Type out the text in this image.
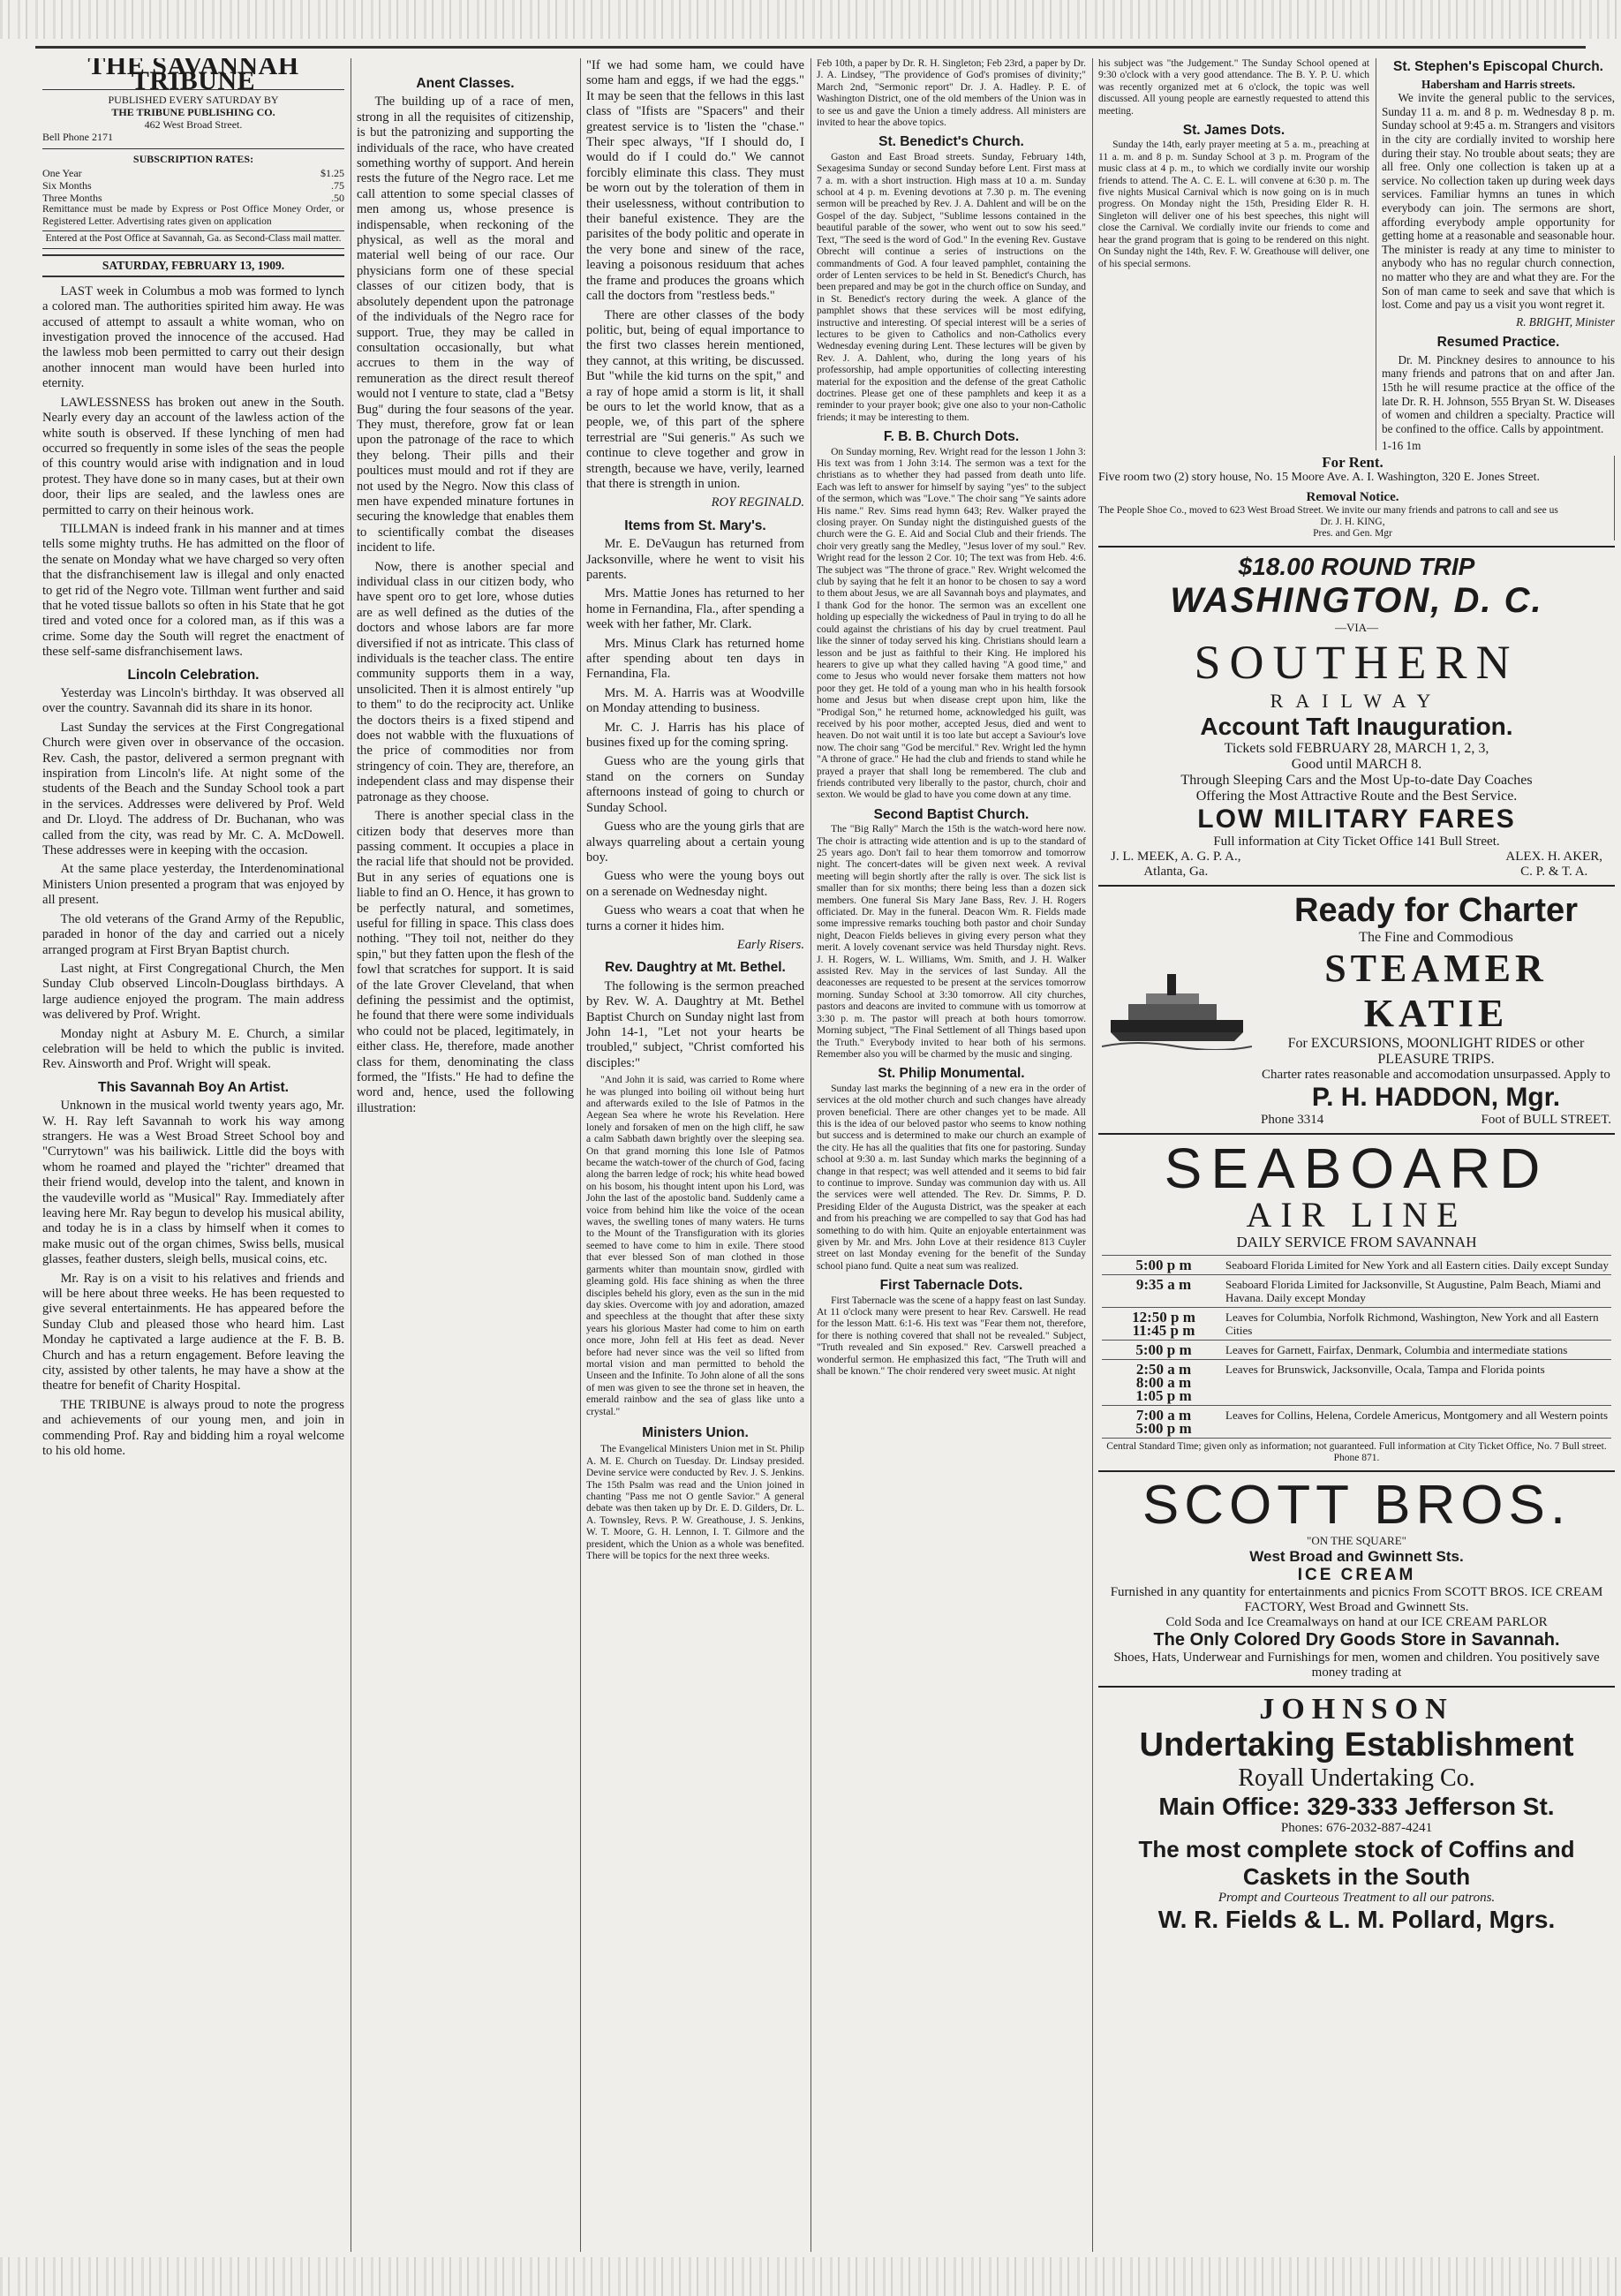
THE SAVANNAH TRIBUNE
PUBLISHED EVERY SATURDAY BY
THE TRIBUNE PUBLISHING CO.
462 West Broad Street.
Bell Phone 2171
SUBSCRIPTION RATES:
One Year	$1.25
Six Months	.75
Three Months	.50
Remittance must be made by Express or Post Office Money Order, or Registered Letter. Advertising rates given on application
Entered at the Post Office at Savannah, Ga. as Second-Class mail matter.
SATURDAY, FEBRUARY 13, 1909.

LAST week in Columbus a mob was formed to lynch a colored man. The authorities spirited him away. He was accused of attempt to assault a white woman, who on investigation proved the innocence of the accused. Had the lawless mob been permitted to carry out their design another innocent man would have been hurled into eternity.

LAWLESSNESS has broken out anew in the South. Nearly every day an account of the lawless action of the white south is observed. If these lynching of men had occurred so frequently in some isles of the seas the people of this country would arise with indignation and in loud protest. They have done so in many cases, but at their own door, their lips are sealed, and the lawless ones are permitted to carry on their heinous work.

TILLMAN is indeed frank in his manner and at times tells some mighty truths. He has admitted on the floor of the senate on Monday what we have charged so very often that the disfranchisement law is illegal and only enacted to get rid of the Negro vote. Tillman went further and said that he voted tissue ballots so often in his State that he got tired and voted once for a colored man, as if this was a crime. Some day the South will regret the enactment of these self-same disfranchisement laws.

Lincoln Celebration.

Yesterday was Lincoln's birthday. It was observed all over the country. Savannah did its share in its honor.

Last Sunday the services at the First Congregational Church were given over in observance of the occasion. Rev. Cash, the pastor, delivered a sermon pregnant with inspiration from Lincoln's life. At night some of the students of the Beach and the Sunday School took a part in the services. Addresses were delivered by Prof. Weld and Dr. Lloyd. The address of Dr. Buchanan, who was called from the city, was read by Mr. C. A. McDowell. These addresses were in keeping with the occasion.

At the same place yesterday, the Interdenominational Ministers Union presented a program that was enjoyed by all present.

The old veterans of the Grand Army of the Republic, paraded in honor of the day and carried out a nicely arranged program at First Bryan Baptist church.

Last night, at First Congregational Church, the Men Sunday Club observed Lincoln-Douglass birthdays. A large audience enjoyed the program. The main address was delivered by Prof. Wright.

Monday night at Asbury M. E. Church, a similar celebration will be held to which the public is invited. Rev. Ainsworth and Prof. Wright will speak.

This Savannah Boy An Artist.

Unknown in the musical world twenty years ago, Mr. W. H. Ray left Savannah to work his way among strangers. He was a West Broad Street School boy and "Currytown" was his bailiwick. Little did the boys with whom he roamed and played the "richter" dreamed that their friend would, develop into the talent, and known in the vaudeville world as "Musical" Ray. Immediately after leaving here Mr. Ray begun to develop his musical ability, and today he is in a class by himself when it comes to make music out of the organ chimes, Swiss bells, musical glasses, feather dusters, sleigh bells, musical coins, etc.

Mr. Ray is on a visit to his relatives and friends and will be here about three weeks. He has been requested to give several entertainments. He has appeared before the Sunday Club and pleased those who heard him. Last Monday he captivated a large audience at the F. B. B. Church and has a return engagement. Before leaving the city, assisted by other talents, he may have a show at the theatre for benefit of Charity Hospital.

THE TRIBUNE is always proud to note the progress and achievements of our young men, and join in commending Prof. Ray and bidding him a royal welcome to his old home.

Anent Classes.

The building up of a race of men, strong in all the requisites of citizenship, is but the patronizing and supporting the individuals of the race, who have created something worthy of support. And herein rests the future of the Negro race. Let me call attention to some special classes of men among us, whose presence is indispensable, when reckoning of the physical, as well as the moral and material well being of our race. Our physicians form one of these special classes of our citizen body, that is absolutely dependent upon the patronage of the individuals of the Negro race for support. True, they may be called in consultation occasionally, but what accrues to them in the way of remuneration as the direct result thereof would not I venture to state, clad a "Betsy Bug" during the four seasons of the year. They must, therefore, grow fat or lean upon the patronage of the race to which they belong. Their pills and their poultices must mould and rot if they are not used by the Negro. Now this class of men have expended minature fortunes in securing the knowledge that enables them to scientifically combat the diseases incident to life.

Now, there is another special and individual class in our citizen body, who have spent oro to get lore, whose duties are as well defined as the duties of the doctors and whose labors are far more diversified if not as intricate. This class of individuals is the teacher class. The entire community supports them in a way, unsolicited. Then it is almost entirely "up to them" to do the reciprocity act. Unlike the doctors theirs is a fixed stipend and does not wabble with the fluxuations of the price of commodities nor from stringency of coin. They are, therefore, an independent class and may dispense their patronage as they choose.

There is another special class in the citizen body that deserves more than passing comment. It occupies a place in the racial life that should not be provided. But in any series of equations one is liable to find an O. Hence, it has grown to be perfectly natural, and sometimes, useful for filling in space. This class does nothing. "They toil not, neither do they spin," but they fatten upon the flesh of the fowl that scratches for support. It is said of the late Grover Cleveland, that when defining the pessimist and the optimist, he found that there were some individuals who could not be placed, legitimately, in either class. He, therefore, made another class for them, denominating the class formed, the "Ifists." He had to define the word and, hence, used the following illustration:

"If we had some ham, we could have some ham and eggs, if we had the eggs." It may be seen that the fellows in this last class of "Ifists are "Spacers" and their greatest service is to 'listen the "chase." Their spec always, "If I should do, I would do if I could do." We cannot forcibly eliminate this class. They must be worn out by the toleration of them in their uselessness, without contribution to their baneful existence. They are the parisites of the body politic and operate in the very bone and sinew of the race, leaving a poisonous residuum that aches the frame and produces the groans which call the doctors from "restless beds."

There are other classes of the body politic, but, being of equal importance to the first two classes herein mentioned, they cannot, at this writing, be discussed. But "while the kid turns on the spit," and a ray of hope amid a storm is lit, it shall be ours to let the world know, that as a people, we, of this part of the sphere terrestrial are "Sui generis." As such we continue to cleve together and grow in strength, because we have, verily, learned that there is strength in union.

ROY REGINALD.
Items from St. Mary's.

Mr. E. DeVaugun has returned from Jacksonville, where he went to visit his parents.

Mrs. Mattie Jones has returned to her home in Fernandina, Fla., after spending a week with her father, Mr. Clark.

Mrs. Minus Clark has returned home after spending about ten days in Fernandina, Fla.

Mrs. M. A. Harris was at Woodville on Monday attending to business.

Mr. C. J. Harris has his place of busines fixed up for the coming spring.

Guess who are the young girls that stand on the corners on Sunday afternoons instead of going to church or Sunday School.

Guess who are the young girls that are always quarreling about a certain young boy.

Guess who were the young boys out on a serenade on Wednesday night.

Guess who wears a coat that when he turns a corner it hides him.

Early Risers.
Rev. Daughtry at Mt. Bethel.

The following is the sermon preached by Rev. W. A. Daughtry at Mt. Bethel Baptist Church on Sunday night last from John 14-1, "Let not your hearts be troubled," subject, "Christ comforted his disciples:"

"And John it is said, was carried to Rome where he was plunged into boiling oil without being hurt and afterwards exiled to the Isle of Patmos in the Aegean Sea where he wrote his Revelation. Here lonely and forsaken of men on the high cliff, he saw a calm Sabbath dawn brightly over the sleeping sea. On that grand morning this lone Isle of Patmos became the watch-tower of the church of God, facing along the barren ledge of rock; his white head bowed on his bosom, his thought intent upon his Lord, was John the last of the apostolic band. Suddenly came a voice from behind him like the voice of the ocean waves, the swelling tones of many waters. He turns to the Mount of the Transfiguration with its glories seemed to have come to him in exile. There stood that ever blessed Son of man clothed in those garments whiter than mountain snow, girdled with gleaming gold. His face shining as when the three disciples beheld his glory, even as the sun in the mid day skies. Overcome with joy and adoration, amazed and speechless at the thought that after these sixty years his glorious Master had come to him on earth once more, John fell at His feet as dead. Never before had never since was the veil so lifted from mortal vision and man permitted to behold the Unseen and the Infinite. To John alone of all the sons of men was given to see the throne set in heaven, the emerald rainbow and the sea of glass like unto a crystal."

Ministers Union.

The Evangelical Ministers Union met in St. Philip A. M. E. Church on Tuesday. Dr. Lindsay presided. Devine service were conducted by Rev. J. S. Jenkins. The 15th Psalm was read and the Union joined in chanting "Pass me not O gentle Savior." A general debate was then taken up by Dr. E. D. Gilders, Dr. L. A. Townsley, Revs. P. W. Greathouse, J. S. Jenkins, W. T. Moore, G. H. Lennon, I. T. Gilmore and the president, which the Union as a whole was benefited. There will be topics for the next three weeks.

Feb 10th, a paper by Dr. R. H. Singleton; Feb 23rd, a paper by Dr. J. A. Lindsey, "The providence of God's promises of divinity;" March 2nd, "Sermonic report" Dr. J. A. Hadley. P. E. of Washington District, one of the old members of the Union was in to see us and gave the Union a timely address. All ministers are invited to hear the above topics.

St. Benedict's Church.

Gaston and East Broad streets. Sunday, February 14th, Sexagesima Sunday or second Sunday before Lent. First mass at 7 a. m. with a short instruction. High mass at 10 a. m. Sunday school at 4 p. m. Evening devotions at 7.30 p. m. The evening sermon will be preached by Rev. J. A. Dahlent and will be on the Gospel of the day. Subject, "Sublime lessons contained in the beautiful parable of the sower, who went out to sow his seed." Text, "The seed is the word of God." In the evening Rev. Gustave Obrecht will continue a series of instructions on the commandments of God. A four leaved pamphlet, containing the order of Lenten services to be held in St. Benedict's Church, has been prepared and may be got in the church office on Sunday, and in St. Benedict's rectory during the week. A glance of the pamphlet shows that these services will be most edifying, instructive and interesting. Of special interest will be a series of lectures to be given to Catholics and non-Catholics every Wednesday evening during Lent. These lectures will be given by Rev. J. A. Dahlent, who, during the long years of his professorship, had ample opportunities of collecting interesting material for the exposition and the defense of the great Catholic doctrines. Please get one of these pamphlets and keep it as a reminder to your prayer book; give one also to your non-Catholic friends; it may be interesting to them.

F. B. B. Church Dots.

On Sunday morning, Rev. Wright read for the lesson 1 John 3: His text was from 1 John 3:14. The sermon was a text for the christians as to whether they had passed from death unto life. Each was left to answer for himself by saying "yes" to the subject of the sermon, which was "Love." The choir sang "Ye saints adore His name." Rev. Sims read hymn 643; Rev. Walker prayed the closing prayer. On Sunday night the distinguished guests of the church were the G. E. Aid and Social Club and their friends. The choir very greatly sang the Medley, "Jesus lover of my soul." Rev. Wright read for the lesson 2 Cor. 10; The text was from Heb. 4:6. The subject was "The throne of grace." Rev. Wright welcomed the club by saying that he felt it an honor to be chosen to say a word to them about Jesus, we are all Savannah boys and playmates, and I thank God for the honor. The sermon was an excellent one holding up especially the wickedness of Paul in trying to do all he could against the christians of his day by cruel treatment. Paul like the sinner of today served his king. Christians should learn a lesson and be just as faithful to their King. He implored his hearers to give up what they called having "A good time," and come to Jesus who would never forsake them matters not how poor they get. He told of a young man who in his health forsook home and Jesus but when disease crept upon him, like the "Prodigal Son," he returned home, acknowledged his guilt, was received by his poor mother, accepted Jesus, died and went to heaven. Do not wait until it is too late but accept a Saviour's love now. The choir sang "God be merciful." Rev. Wright led the hymn "A throne of grace." He had the club and friends to stand while he prayed a prayer that shall long be remembered. The club and friends contributed very liberally to the pastor, church, choir and sexton. We would be glad to have you come down at any time.

Second Baptist Church.

The "Big Rally" March the 15th is the watch-word here now. The choir is attracting wide attention and is up to the standard of 25 years ago. Don't fail to hear them tomorrow and tomorrow night. The concert-dates will be given next week. A revival meeting will begin shortly after the rally is over. The sick list is smaller than for six months; there being less than a dozen sick members. One funeral Sis Mary Jane Bass, Rev. J. H. Rogers officiated. Dr. May in the funeral. Deacon Wm. R. Fields made some impressive remarks touching both pastor and choir Sunday night, Deacon Fields believes in giving every person what they merit. A lovely covenant service was held Thursday night. Revs. J. H. Rogers, W. L. Williams, Wm. Smith, and J. H. Walker assisted Rev. May in the services of last Sunday. All the deaconesses are requested to be present at the services tomorrow morning. Sunday School at 3:30 tomorrow. All city churches, pastors and deacons are invited to commune with us tomorrow at 3:30 p. m. The pastor will preach at both hours tomorrow. Morning subject, "The Final Settlement of all Things based upon the Truth." Everybody invited to hear both of his sermons. Remember also you will be charmed by the music and singing.

St. Philip Monumental.

Sunday last marks the beginning of a new era in the order of services at the old mother church and such changes have already proven beneficial. There are other changes yet to be made. All this is the idea of our beloved pastor who seems to know nothing but success and is determined to make our church an example of the city. He has all the qualities that fits one for pastoring. Sunday school at 9:30 a. m. last Sunday which marks the beginning of a change in that respect; was well attended and it seems to bid fair to continue to improve. Sunday was communion day with us. All the services were well attended. The Rev. Dr. Simms, P. D. Presiding Elder of the Augusta District, was the speaker at each and from his preaching we are compelled to say that God has had something to do with him. Quite an enjoyable entertainment was given by Mr. and Mrs. John Love at their residence 813 Cuyler street on last Monday evening for the benefit of the Sunday school piano fund. Quite a neat sum was realized.

First Tabernacle Dots.

First Tabernacle was the scene of a happy feast on last Sunday. At 11 o'clock many were present to hear Rev. Carswell. He read for the lesson Matt. 6:1-6. His text was "Fear them not, therefore, for there is nothing covered that shall not be revealed." Subject, "Truth revealed and Sin exposed." Rev. Carswell preached a wonderful sermon. He emphasized this fact, "The Truth will and shall be known." The choir rendered very sweet music. At night

his subject was "the Judgement." The Sunday School opened at 9:30 o'clock with a very good attendance. The B. Y. P. U. which was recently organized met at 6 o'clock, the topic was well discussed. All young people are earnestly requested to attend this meeting.

St. James Dots.

Sunday the 14th, early prayer meeting at 5 a. m., preaching at 11 a. m. and 8 p. m. Sunday School at 3 p. m. Program of the music class at 4 p. m., to which we cordially invite our worship friends to attend. The A. C. E. L. will convene at 6:30 p. m. The five nights Musical Carnival which is now going on is in much progress. On Monday night the 15th, Presiding Elder R. H. Singleton will deliver one of his best speeches, this night will close the Carnival. We cordially invite our friends to come and hear the grand program that is going to be rendered on this night. On Sunday night the 14th, Rev. F. W. Greathouse will deliver, one of his special sermons.

St. Stephen's Episcopal Church.
Habersham and Harris streets.

We invite the general public to the services, Sunday 11 a. m. and 8 p. m. Wednesday 8 p. m. Sunday school at 9:45 a. m. Strangers and visitors in the city are cordially invited to worship here during their stay. No trouble about seats; they are all free. Only one collection is taken up at a service. No collection taken up during week days services. Familiar hymns an tunes in which everybody can join. The sermons are short, affording everybody ample opportunity for getting home at a reasonable and seasonable hour. The minister is ready at any time to minister to anybody who has no regular church connection, no matter who they are and what they are. For the Son of man came to seek and save that which is lost. Come and pay us a visit you wont regret it.

R. BRIGHT, Minister
Resumed Practice.

Dr. M. Pinckney desires to announce to his many friends and patrons that on and after Jan. 15th he will resume practice at the office of the late Dr. R. H. Johnson, 555 Bryan St. W. Diseases of women and children a specialty. Practice will be confined to the office. Calls by appointment.

1-16 1m
For Rent.
Five room two (2) story house, No. 15 Moore Ave. A. I. Washington, 320 E. Jones Street.
Removal Notice.
The People Shoe Co., moved to 623 West Broad Street. We invite our many friends and patrons to call and see us
Dr. J. H. KING,
Pres. and Gen. Mgr
$18.00 ROUND TRIP
WASHINGTON, D. C.
—VIA—
SOUTHERN
RAILWAY
Account Taft Inauguration.
Tickets sold FEBRUARY 28, MARCH 1, 2, 3,
Good until MARCH 8.
Through Sleeping Cars and the Most Up-to-date Day Coaches
Offering the Most Attractive Route and the Best Service.
LOW MILITARY FARES
Full information at City Ticket Office 141 Bull Street.
J. L. MEEK, A. G. P. A.,
Atlanta, Ga.
ALEX. H. AKER,
C. P. & T. A.
Ready for Charter
The Fine and Commodious
STEAMER KATIE
For EXCURSIONS, MOONLIGHT RIDES or other PLEASURE TRIPS.
Charter rates reasonable and accomodation unsurpassed. Apply to
P. H. HADDON, Mgr.
Phone 3314	Foot of BULL STREET.
SEABOARD
AIR LINE
DAILY SERVICE FROM SAVANNAH
5:00 p m	Seaboard Florida Limited for New York and all Eastern cities. Daily except Sunday
9:35 a m	Seaboard Florida Limited for Jacksonville, St Augustine, Palm Beach, Miami and Havana. Daily except Monday
12:50 p m
11:45 p m
Leaves for Columbia, Norfolk Richmond, Washington, New York and all Eastern Cities
5:00 p m	Leaves for Garnett, Fairfax, Denmark, Columbia and intermediate stations
2:50 a m
8:00 a m
1:05 p m
Leaves for Brunswick, Jacksonville, Ocala, Tampa and Florida points
7:00 a m
5:00 p m
Leaves for Collins, Helena, Cordele Americus, Montgomery and all Western points
Central Standard Time; given only as information; not guaranteed. Full information at City Ticket Office, No. 7 Bull street. Phone 871.
SCOTT BROS.
"ON THE SQUARE"
West Broad and Gwinnett Sts.
ICE CREAM
Furnished in any quantity for entertainments and picnics From SCOTT BROS. ICE CREAM FACTORY, West Broad and Gwinnett Sts.
Cold Soda and Ice Creamalways on hand at our ICE CREAM PARLOR
The Only Colored Dry Goods Store in Savannah.
Shoes, Hats, Underwear and Furnishings for men, women and children. You positively save money trading at
JOHNSON
Undertaking Establishment
Royall Undertaking Co.
Main Office: 329-333 Jefferson St.
Phones: 676-2032-887-4241
The most complete stock of Coffins and Caskets in the South
Prompt and Courteous Treatment to all our patrons.
W. R. Fields & L. M. Pollard, Mgrs.
